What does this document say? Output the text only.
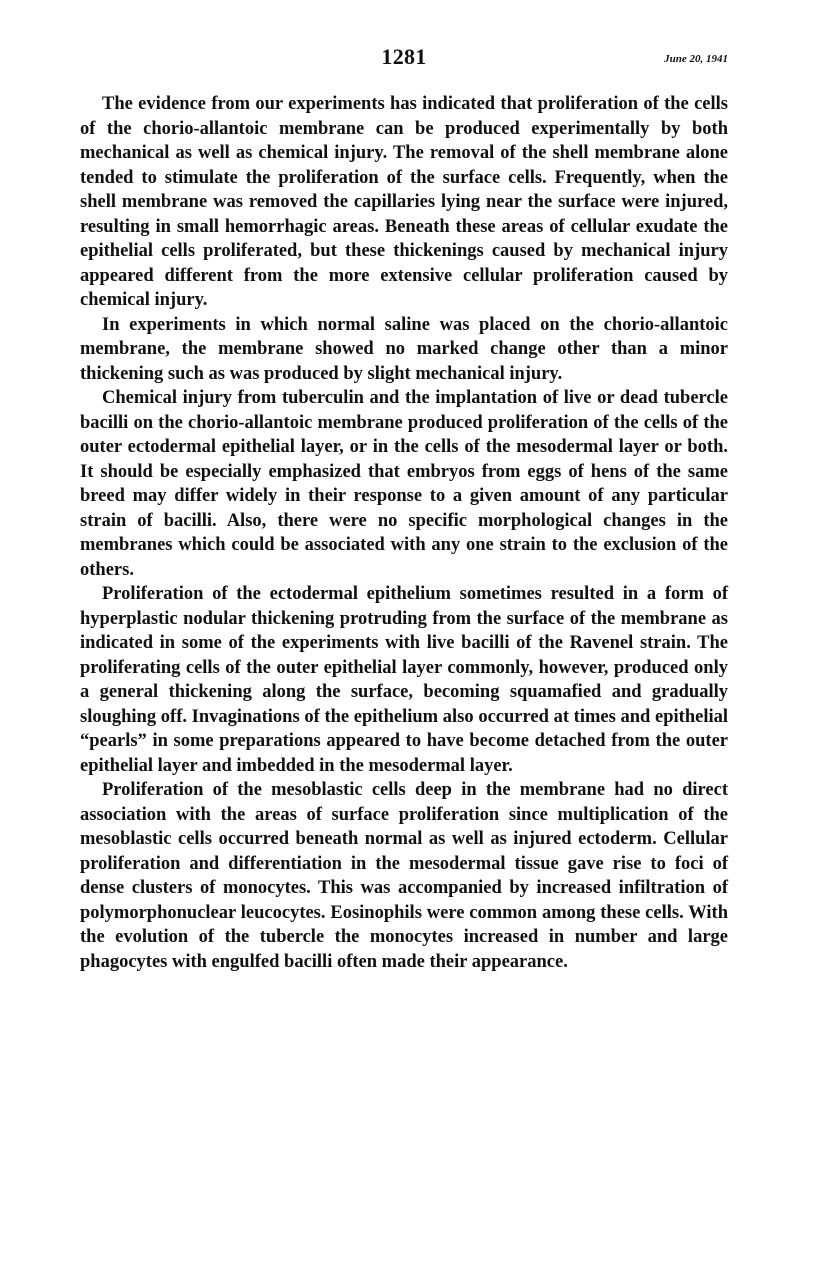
1281	June 20, 1941

The evidence from our experiments has indicated that proliferation of the cells of the chorio-allantoic membrane can be produced experimentally by both mechanical as well as chemical injury. The removal of the shell membrane alone tended to stimulate the proliferation of the surface cells. Frequently, when the shell membrane was removed the capillaries lying near the surface were injured, resulting in small hemorrhagic areas. Beneath these areas of cellular exudate the epithelial cells proliferated, but these thickenings caused by mechanical injury appeared different from the more extensive cellular proliferation caused by chemical injury.

In experiments in which normal saline was placed on the chorio-allantoic membrane, the membrane showed no marked change other than a minor thickening such as was produced by slight mechanical injury.

Chemical injury from tuberculin and the implantation of live or dead tubercle bacilli on the chorio-allantoic membrane produced proliferation of the cells of the outer ectodermal epithelial layer, or in the cells of the mesodermal layer or both. It should be especially emphasized that embryos from eggs of hens of the same breed may differ widely in their response to a given amount of any particular strain of bacilli. Also, there were no specific morphological changes in the membranes which could be associated with any one strain to the exclusion of the others.

Proliferation of the ectodermal epithelium sometimes resulted in a form of hyperplastic nodular thickening protruding from the surface of the membrane as indicated in some of the experiments with live bacilli of the Ravenel strain. The proliferating cells of the outer epithelial layer commonly, however, produced only a general thickening along the surface, becoming squamafied and gradually sloughing off. Invaginations of the epithelium also occurred at times and epithelial “pearls” in some preparations appeared to have become detached from the outer epithelial layer and imbedded in the mesodermal layer.

Proliferation of the mesoblastic cells deep in the membrane had no direct association with the areas of surface proliferation since multiplication of the mesoblastic cells occurred beneath normal as well as injured ectoderm. Cellular proliferation and differentiation in the mesodermal tissue gave rise to foci of dense clusters of monocytes. This was accompanied by increased infiltration of polymorphonuclear leucocytes. Eosinophils were common among these cells. With the evolution of the tubercle the monocytes increased in number and large phagocytes with engulfed bacilli often made their appearance.
